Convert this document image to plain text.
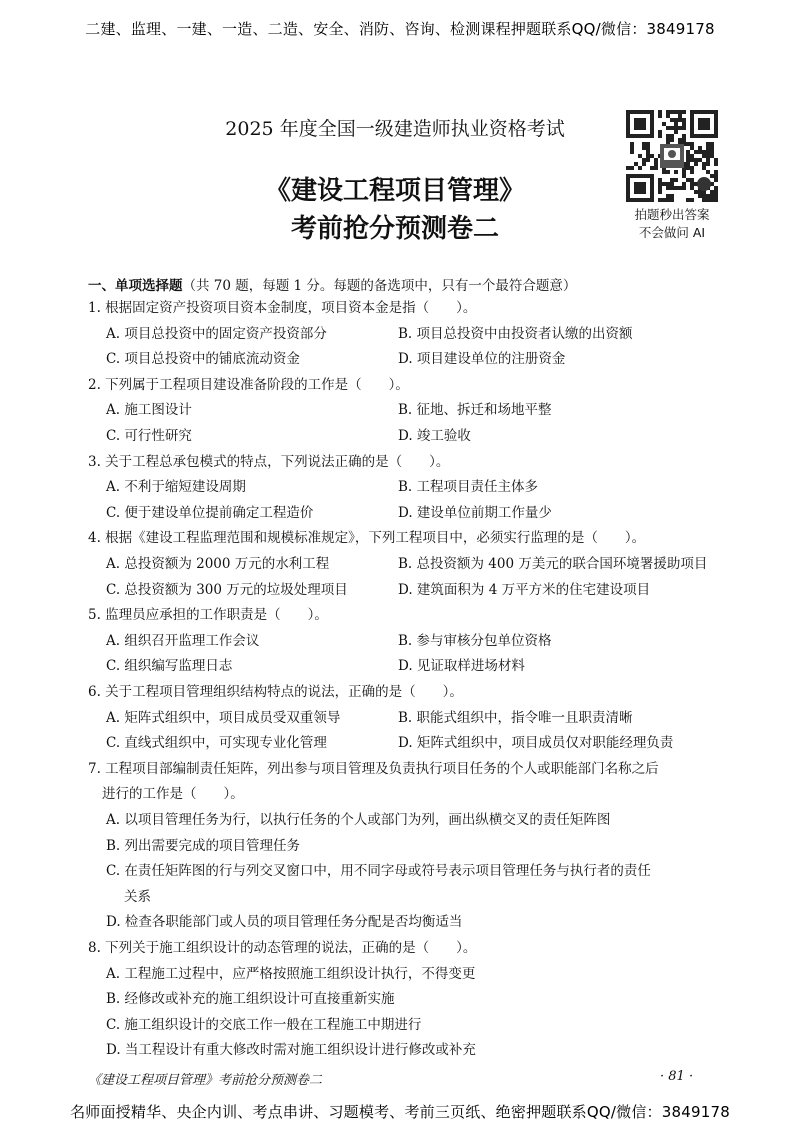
二建、监理、一建、一造、二造、安全、消防、咨询、检测课程押题联系QQ/微信：3849178
2025 年度全国一级建造师执业资格考试
《建设工程项目管理》
考前抢分预测卷二	拍题秒出答案
不会做问 AI
一、单项选择题（共 70 题，每题 1 分。每题的备选项中，只有一个最符合题意）
1. 根据固定资产投资项目资本金制度，项目资本金是指（　　）。
A. 项目总投资中的固定资产投资部分	B. 项目总投资中由投资者认缴的出资额
C. 项目总投资中的铺底流动资金	D. 项目建设单位的注册资金
2. 下列属于工程项目建设准备阶段的工作是（　　）。
A. 施工图设计	B. 征地、拆迁和场地平整
C. 可行性研究	D. 竣工验收
3. 关于工程总承包模式的特点，下列说法正确的是（　　）。
A. 不利于缩短建设周期	B. 工程项目责任主体多
C. 便于建设单位提前确定工程造价	D. 建设单位前期工作量少
4. 根据《建设工程监理范围和规模标准规定》，下列工程项目中，必须实行监理的是（　　）。
A. 总投资额为 2000 万元的水利工程	B. 总投资额为 400 万美元的联合国环境署援助项目
C. 总投资额为 300 万元的垃圾处理项目	D. 建筑面积为 4 万平方米的住宅建设项目
5. 监理员应承担的工作职责是（　　）。
A. 组织召开监理工作会议	B. 参与审核分包单位资格
C. 组织编写监理日志	D. 见证取样进场材料
6. 关于工程项目管理组织结构特点的说法，正确的是（　　）。
A. 矩阵式组织中，项目成员受双重领导	B. 职能式组织中，指令唯一且职责清晰
C. 直线式组织中，可实现专业化管理	D. 矩阵式组织中，项目成员仅对职能经理负责
7. 工程项目部编制责任矩阵，列出参与项目管理及负责执行项目任务的个人或职能部门名称之后
进行的工作是（　　）。
A. 以项目管理任务为行，以执行任务的个人或部门为列，画出纵横交叉的责任矩阵图
B. 列出需要完成的项目管理任务
C. 在责任矩阵图的行与列交叉窗口中，用不同字母或符号表示项目管理任务与执行者的责任
关系
D. 检查各职能部门或人员的项目管理任务分配是否均衡适当
8. 下列关于施工组织设计的动态管理的说法，正确的是（　　）。
A. 工程施工过程中，应严格按照施工组织设计执行，不得变更
B. 经修改或补充的施工组织设计可直接重新实施
C. 施工组织设计的交底工作一般在工程施工中期进行
D. 当工程设计有重大修改时需对施工组织设计进行修改或补充
《建设工程项目管理》考前抢分预测卷二	· 81 ·
名师面授精华、央企内训、考点串讲、习题模考、考前三页纸、绝密押题联系QQ/微信：3849178
